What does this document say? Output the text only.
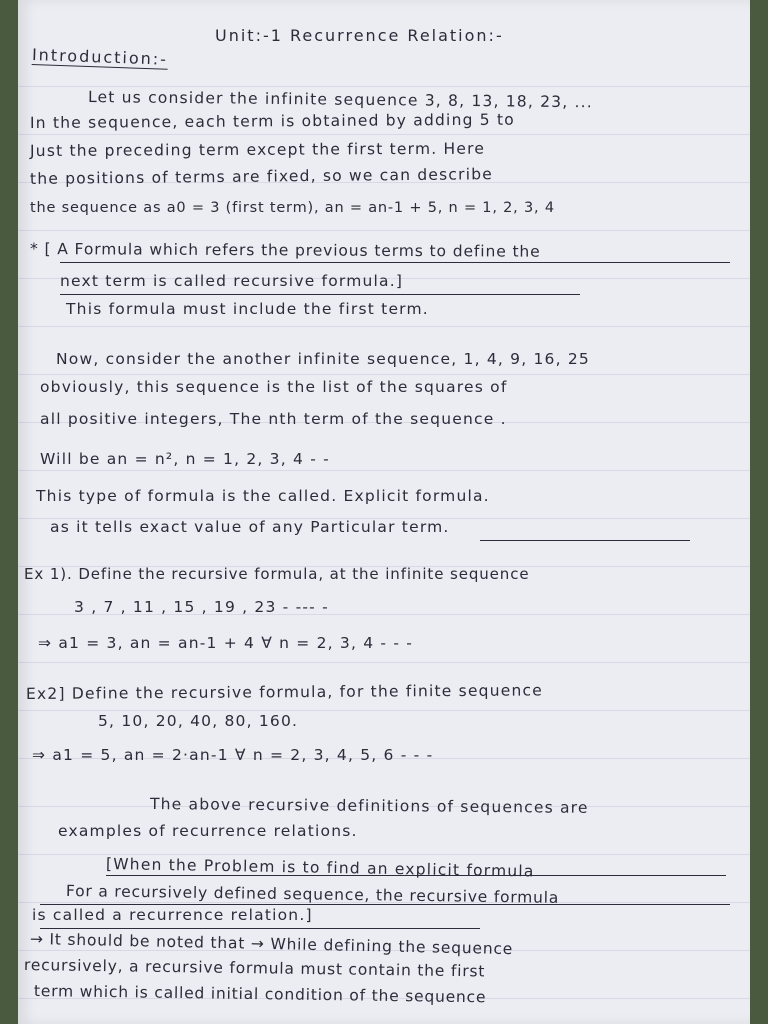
Unit:-1 Recurrence Relation:-
Introduction:-
Let us consider the infinite sequence 3, 8, 13, 18, 23, ...
In the sequence, each term is obtained by adding 5 to
Just the preceding term except the first term. Here
the positions of terms are fixed, so we can describe
the sequence as a0 = 3 (first term), an = an-1 + 5, n = 1, 2, 3, 4
* [ A Formula which refers the previous terms to define the
next term is called recursive formula.]
This formula must include the first term.
Now, consider the another infinite sequence, 1, 4, 9, 16, 25
obviously, this sequence is the list of the squares of
all positive integers, The nth term of the sequence .
Will be an = n², n = 1, 2, 3, 4 - -
This type of formula is the called. Explicit formula.
as it tells exact value of any Particular term.
Ex 1). Define the recursive formula, at the infinite sequence
3 , 7 , 11 , 15 , 19 , 23 - --- -
⇒ a1 = 3, an = an-1 + 4 ∀ n = 2, 3, 4 - - -
Ex2] Define the recursive formula, for the finite sequence
5, 10, 20, 40, 80, 160.
⇒ a1 = 5, an = 2·an-1 ∀ n = 2, 3, 4, 5, 6 - - -
The above recursive definitions of sequences are
examples of recurrence relations.
[When the Problem is to find an explicit formula
For a recursively defined sequence, the recursive formula
is called a recurrence relation.]
→ It should be noted that → While defining the sequence
recursively, a recursive formula must contain the first
term which is called initial condition of the sequence
